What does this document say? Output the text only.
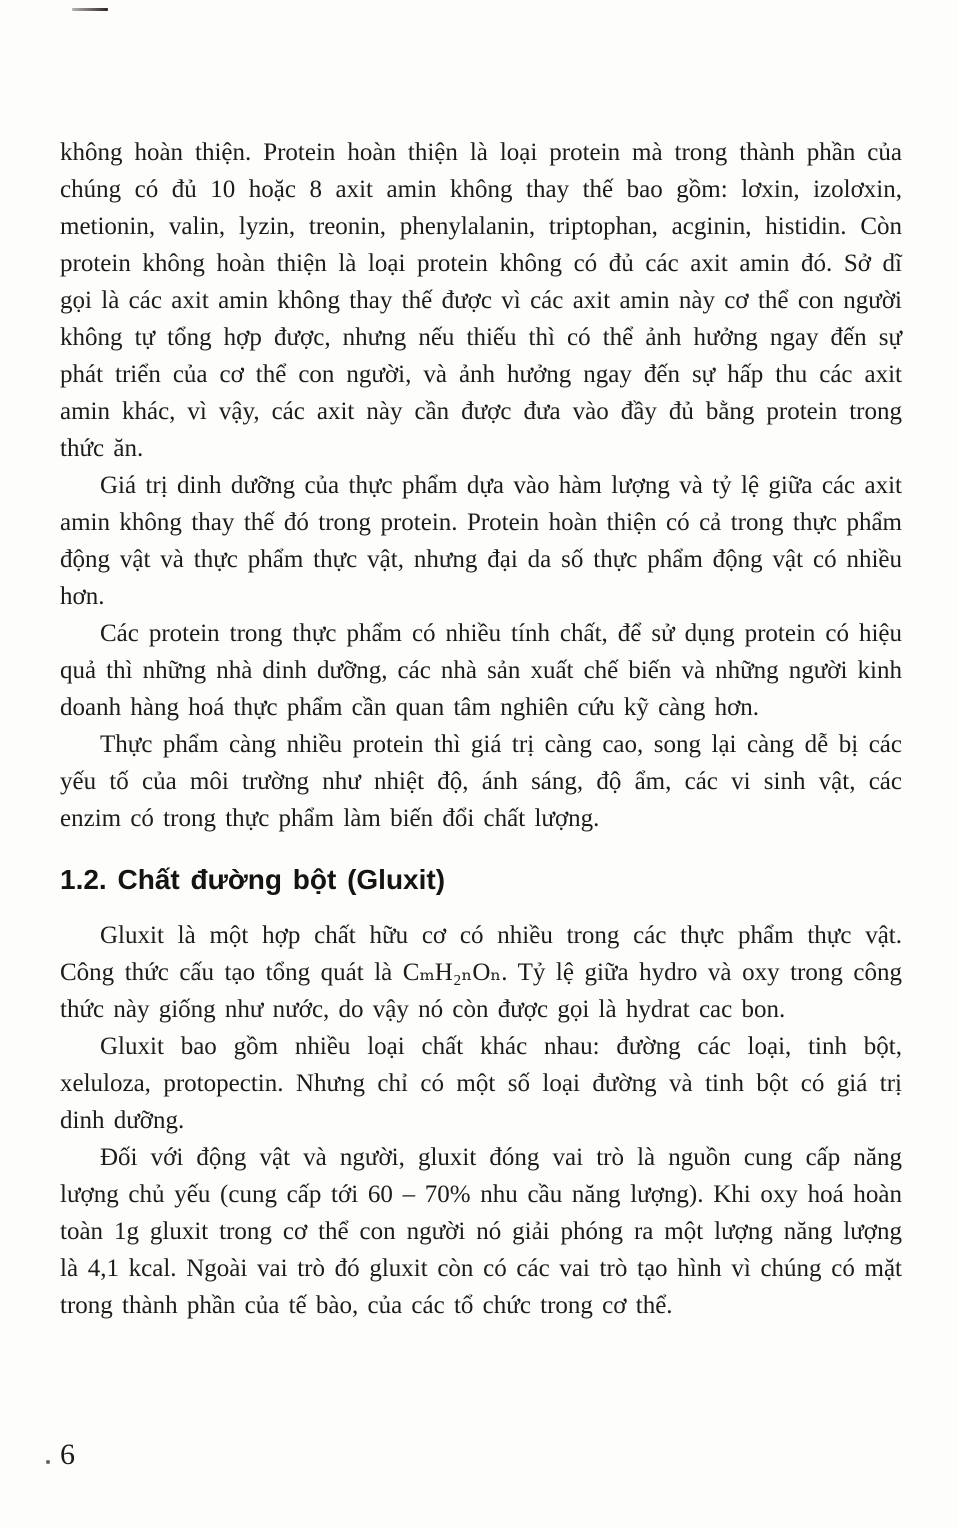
không hoàn thiện. Protein hoàn thiện là loại protein mà trong thành phần của chúng có đủ 10 hoặc 8 axit amin không thay thế bao gồm: lơxin, izolơxin, metionin, valin, lyzin, treonin, phenylalanin, triptophan, acginin, histidin. Còn protein không hoàn thiện là loại protein không có đủ các axit amin đó. Sở dĩ gọi là các axit amin không thay thế được vì các axit amin này cơ thể con người không tự tổng hợp được, nhưng nếu thiếu thì có thể ảnh hưởng ngay đến sự phát triển của cơ thể con người, và ảnh hưởng ngay đến sự hấp thu các axit amin khác, vì vậy, các axit này cần được đưa vào đầy đủ bằng protein trong thức ăn.

Giá trị dinh dưỡng của thực phẩm dựa vào hàm lượng và tỷ lệ giữa các axit amin không thay thế đó trong protein. Protein hoàn thiện có cả trong thực phẩm động vật và thực phẩm thực vật, nhưng đại da số thực phẩm động vật có nhiều hơn.

Các protein trong thực phẩm có nhiều tính chất, để sử dụng protein có hiệu quả thì những nhà dinh dưỡng, các nhà sản xuất chế biến và những người kinh doanh hàng hoá thực phẩm cần quan tâm nghiên cứu kỹ càng hơn.

Thực phẩm càng nhiều protein thì giá trị càng cao, song lại càng dễ bị các yếu tố của môi trường như nhiệt độ, ánh sáng, độ ẩm, các vi sinh vật, các enzim có trong thực phẩm làm biến đổi chất lượng.

1.2. Chất đường bột (Gluxit)

Gluxit là một hợp chất hữu cơ có nhiều trong các thực phẩm thực vật. Công thức cấu tạo tổng quát là CₘH₂ₙOₙ. Tỷ lệ giữa hydro và oxy trong công thức này giống như nước, do vậy nó còn được gọi là hydrat cac bon.

Gluxit bao gồm nhiều loại chất khác nhau: đường các loại, tinh bột, xeluloza, protopectin. Nhưng chỉ có một số loại đường và tinh bột có giá trị dinh dưỡng.

Đối với động vật và người, gluxit đóng vai trò là nguồn cung cấp năng lượng chủ yếu (cung cấp tới 60 – 70% nhu cầu năng lượng). Khi oxy hoá hoàn toàn 1g gluxit trong cơ thể con người nó giải phóng ra một lượng năng lượng là 4,1 kcal. Ngoài vai trò đó gluxit còn có các vai trò tạo hình vì chúng có mặt trong thành phần của tế bào, của các tổ chức trong cơ thể.

6
